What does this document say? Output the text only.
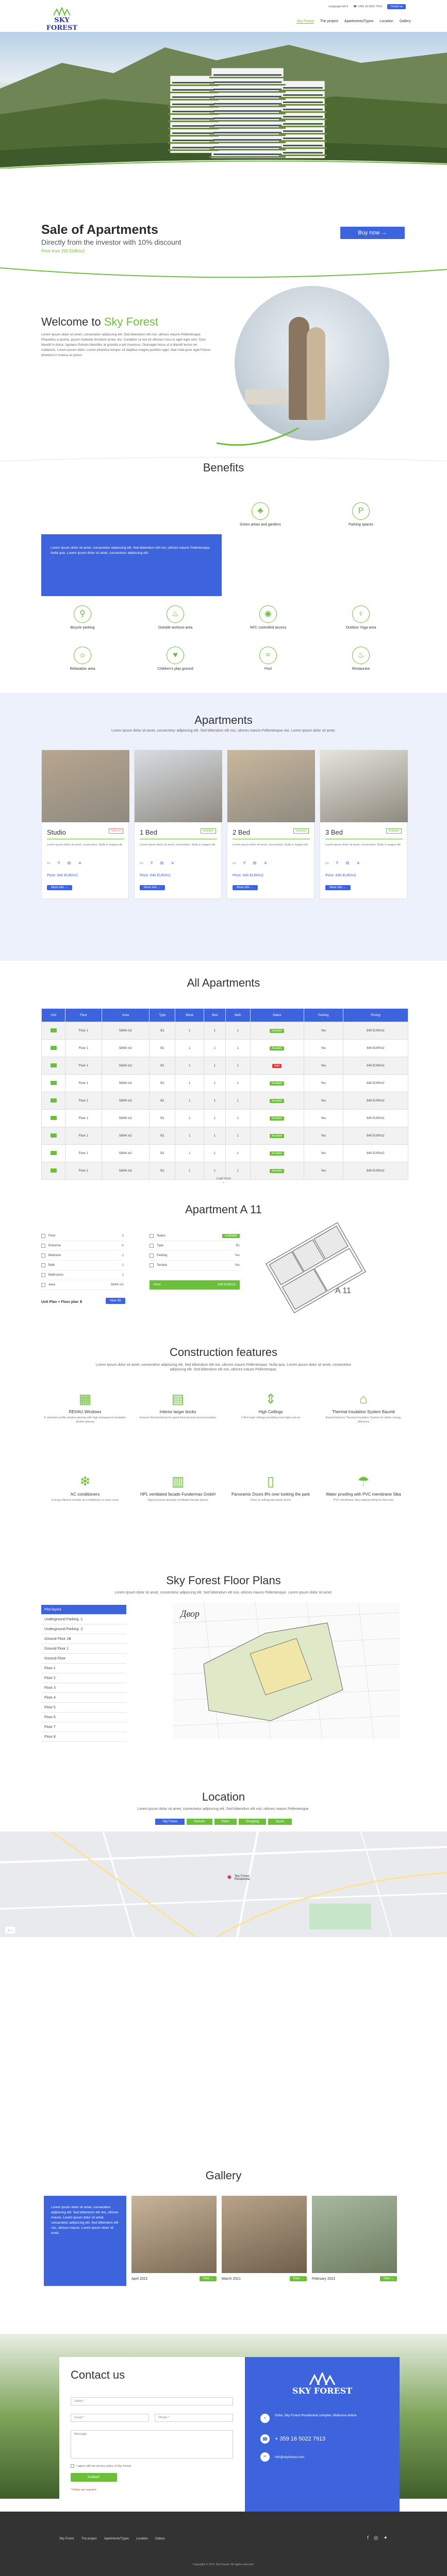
SKY FOREST
Language EN ▾ ☎ +359 16 5022 7913	Contact us
Sky Forest The project Apartments/Types Location Gallery
Sale of Apartments
Directly from the investor with 10% discount
Price from 250 EUR/m2
Buy now →
Welcome to Sky Forest
Lorem ipsum dolor sit amet, consectetur adipiscing elit. Sed bibendum elit nisi, ultrices mauris Pellentesque. Phasellus a lacinia, ipsum molestie tincidunt at leo nisl. Curabitur ut nisi sit ultricies risus is eget eget sem. Duis blandit in dulus, ligulaes Pulvian blandtim at gravida a ipit maximus. Ouirsaget lacus ut a blandit lectus en nullamvis. Lorem ipsum dolor. Lorem pharetra tempor sit dapibus magna porttitor eget. Sed nulla pure eget Pulvus pharetra in massa ac purus.
Benefits
Lorem ipsum dolor sit amet, consectetur adipiscing elit. Sed bibendum elit nisi, ultrices mauris Pellentesque. Nulla quis. Lorem ipsum dolor sit amet, consectetur adipiscing elit.
♣
Green areas and gardens
P
Parking spaces
⚲
Bicycle parking
♨
Outside workout area
◉
NFC controlled access
♀
Outdoor Yoga area
☼
Relaxation area
♥
Children's play ground
≈
Pool
♨
Restaurant
Apartments
Lorem ipsum dolor sit amet, consectetur adipiscing elit. Sed bibendum elit nisi, ultrices mauris Pellentesque nisi. Lorem ipsum dolor sit amet.
Studio	Sold out
Lorem ipsum dolor sit amet, consectetur. Nulla in magna elit.
▭ ⚲ ▤ ⇲
Price: 640 EUR/m2
More info →
1 Bed	Available
Lorem ipsum dolor sit amet, consectetur. Nulla in magna elit.
▭ ⚲ ▤ ⇲
Price: 640 EUR/m2
More info →
2 Bed	Available
Lorem ipsum dolor sit amet, consectetur. Nulla in magna elit.
▭ ⚲ ▤ ⇲
Price: 640 EUR/m2
More info →
3 Bed	Available
Lorem ipsum dolor sit amet, consectetur. Nulla in magna elit.
▭ ⚲ ▤ ⇲
Price: 640 EUR/m2
More info →
All Apartments
Unit	Floor	Area	Type	Block	Bed	Bath	Status	Parking	Pricing
	Floor 1	58/64 m2	B1	1	1	1	Available	Yes	640 EUR/m2
	Floor 1	58/64 m2	B1	1	1	1	Available	Yes	640 EUR/m2
	Floor 1	58/64 m2	B1	1	1	1	Sold	Yes	640 EUR/m2
	Floor 1	58/64 m2	B1	1	1	1	Available	Yes	640 EUR/m2
	Floor 1	58/64 m2	B1	1	1	1	Available	Yes	640 EUR/m2
	Floor 1	58/64 m2	B1	1	1	1	Available	Yes	640 EUR/m2
	Floor 1	58/64 m2	B1	1	1	1	Available	Yes	640 EUR/m2
	Floor 1	58/64 m2	B1	1	1	1	Available	Yes	640 EUR/m2
	Floor 1	58/64 m2	B1	1	1	1	Available	Yes	640 EUR/m2
Load more
⌄
Apartment A 11
Floor	1
Entrance	A
Bedroom	1
Bath	1
Bathrooms	1
Area	58/64 m2
Status	Available
Type	B1
Parking	Yes
Terrace	Yes
Price	640 EUR/m2
A 11
Unit Plan + Floor plan ⬇	View 3D
Construction features
Lorem ipsum dolor sit amet, consectetur adipiscing elit. Sed bibendum elit nisi, ultrices mauris Pellentesque. Nulla quis. Lorem ipsum dolor sit amet, consectetur adipiscing elit. Sed bibendum elit nisi, ultrices mauris Pellentesque.
▦
REHAU Windows
5 chamber profile window glazing with high transparent insulation double glazing
▤
Interior larger bricks
Exterior thermal bricks for good thermal and sound insulation
⇕
High Ceilings
2.85m high ceilings providing more light and air
⌂
Thermal Insulation System Baumit
Baumit Exterior Thermal Insulation System for better energy efficiency
❄
AC conditioners
Energy efficient inverter air conditioners in each room
▥
HPL ventilated facade Fundermax GmbH
High pressure laminate ventilated facade panels
▯
Panoramic Doors 8% over looking the park
Floor to ceiling panoramic doors
☂
Water proofing with PVC membrane Sika
PVC membrane Sika waterproofing for flat roofs
Sky Forest Floor Plans
Lorem ipsum dolor sit amet, consectetur adipiscing elit. Sed bibendum elit nisi, ultrices mauris Pellentesque. Lorem ipsum dolor sit amet.
Plot layout
Underground Parking -1
Underground Parking -2
Ground Floor 1B
Ground Floor 1
Ground Floor
Floor 1
Floor 2
Floor 3
Floor 4
Floor 5
Floor 6
Floor 7
Floor 8
Двор
Location
Lorem ipsum dolor sit amet, consectetur adipiscing elit. Sed bibendum elit nisi, ultrices mauris Pellentesque.
Sky Forest	Schools	Parks	Shopping	Sports
● Sky Forest Residential
＋ −
Gallery
Lorem ipsum dolor sit amet, consectetur adipiscing elit. Sed bibendum elit nisi, ultrices mauris. Lorem ipsum dolor sit amet, consectetur adipiscing elit. Sed bibendum elit nisi, ultrices mauris. Lorem ipsum dolor sit amet.
April 2021	View →	March 2021	View →	February 2021	View →
Contact us
Name *
Email *	Phone *
Message
I agree with the privacy policy of Sky Forest
SUBMIT
* Fields are required
SKY FOREST
⌖
Sofia, Sky Forest Residential complex, Malinova dolina
☎	+ 359 16 5022 7913
✉	info@skyforest.com
Sky Forest The project Apartments/Types Location Gallery	f ◎ ✦
Copyright © 2021 Sky Forest. All rights reserved.
